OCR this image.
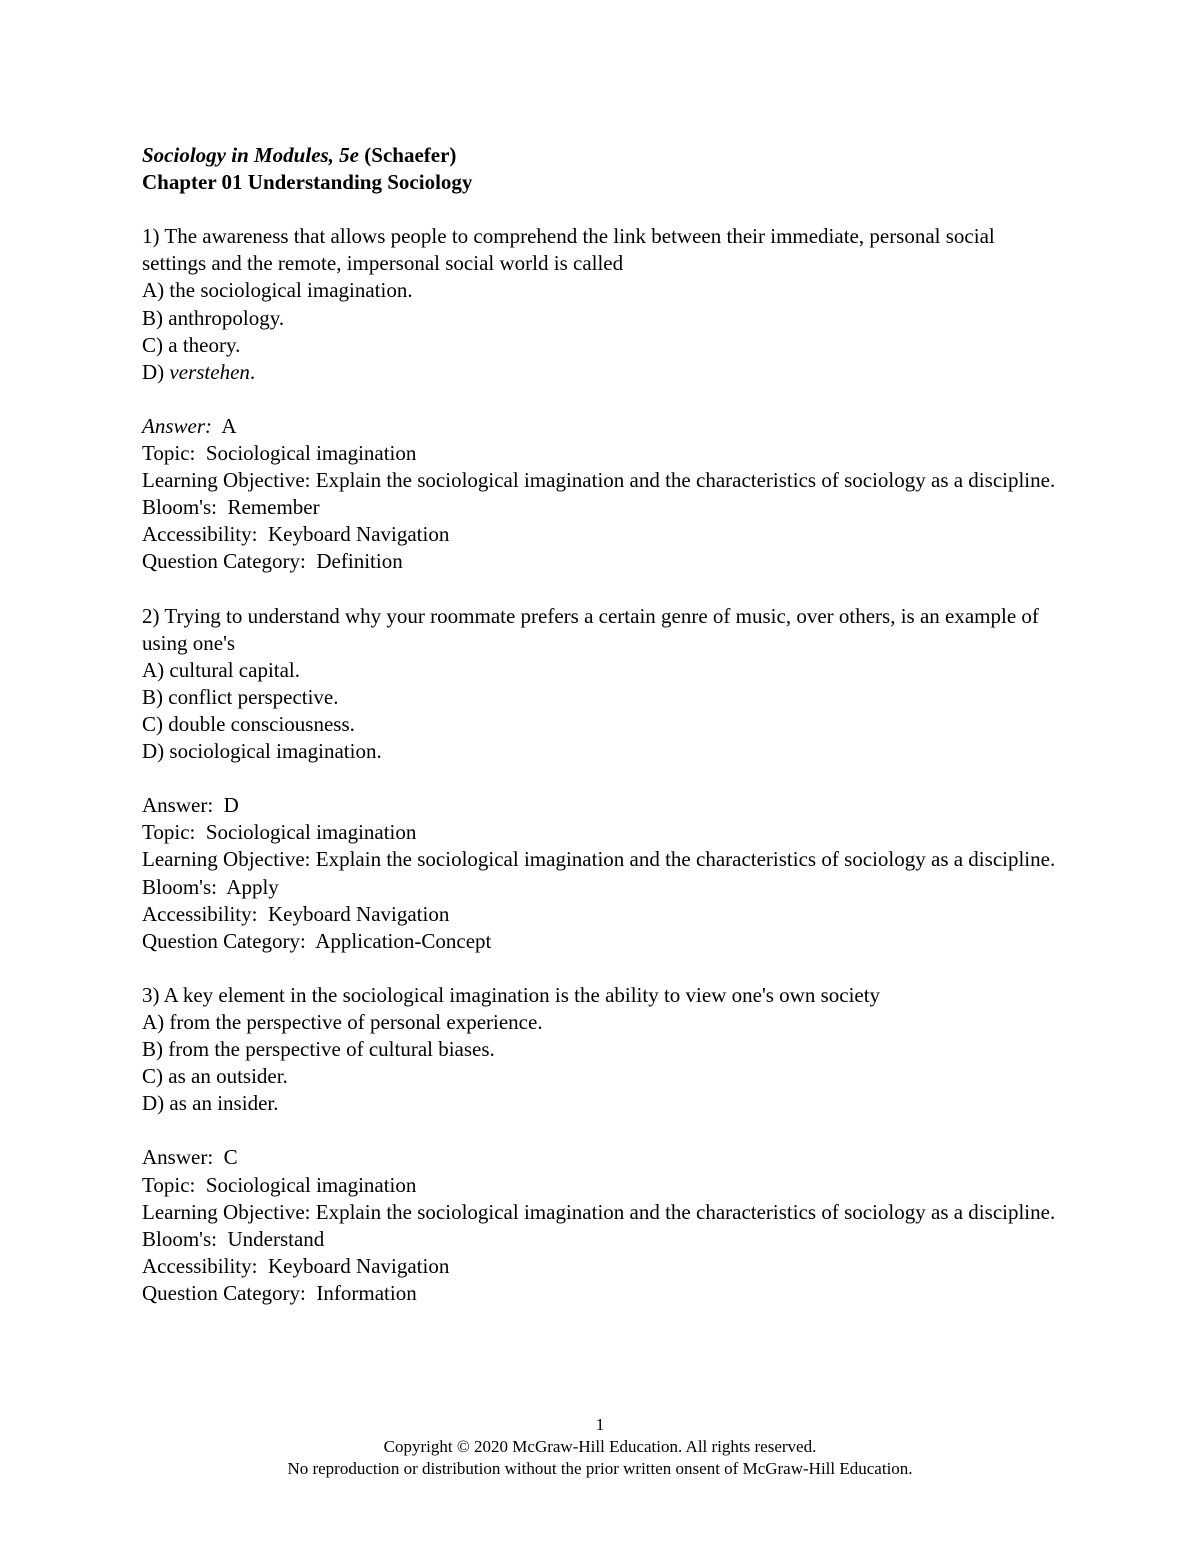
Sociology in Modules, 5e (Schaefer)
Chapter 01 Understanding Sociology
1) The awareness that allows people to comprehend the link between their immediate, personal social settings and the remote, impersonal social world is called
A) the sociological imagination.
B) anthropology.
C) a theory.
D) verstehen.
Answer:  A
Topic:  Sociological imagination
Learning Objective: Explain the sociological imagination and the characteristics of sociology as a discipline.
Bloom's:  Remember
Accessibility:  Keyboard Navigation
Question Category:  Definition
2) Trying to understand why your roommate prefers a certain genre of music, over others, is an example of using one's
A) cultural capital.
B) conflict perspective.
C) double consciousness.
D) sociological imagination.
Answer:  D
Topic:  Sociological imagination
Learning Objective: Explain the sociological imagination and the characteristics of sociology as a discipline.
Bloom's:  Apply
Accessibility:  Keyboard Navigation
Question Category:  Application-Concept
3) A key element in the sociological imagination is the ability to view one's own society
A) from the perspective of personal experience.
B) from the perspective of cultural biases.
C) as an outsider.
D) as an insider.
Answer:  C
Topic:  Sociological imagination
Learning Objective: Explain the sociological imagination and the characteristics of sociology as a discipline.
Bloom's:  Understand
Accessibility:  Keyboard Navigation
Question Category:  Information
1
Copyright © 2020 McGraw-Hill Education. All rights reserved.
No reproduction or distribution without the prior written onsent of McGraw-Hill Education.
